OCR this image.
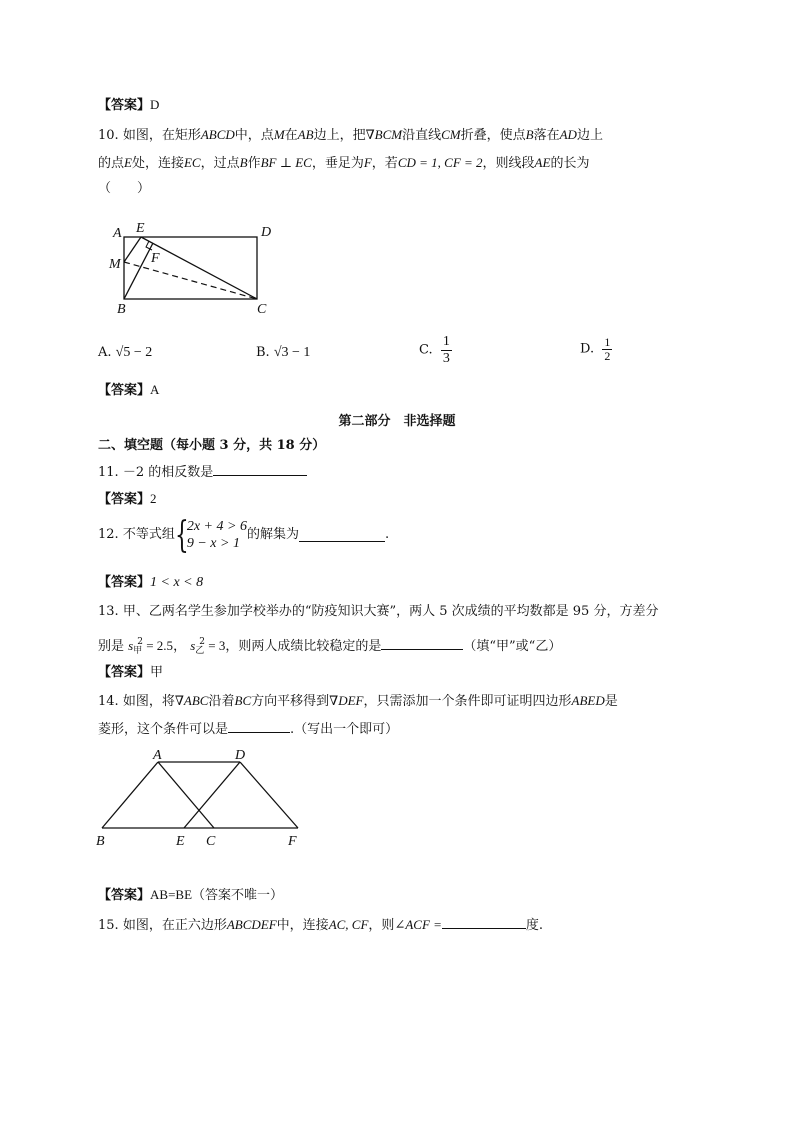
【答案】D
10. 如图，在矩形ABCD中，点M在AB边上，把∇BCM沿直线CM折叠，使点B落在AD边上
的点E处，连接EC，过点B作BF ⊥ EC，垂足为F，若CD = 1, CF = 2，则线段AE的长为
（　　）
A E	D
M F
B	C
A. √5 − 2	B. √3 − 1	C. $\frac{1}{3}$	D. $\frac{1}{2}$
【答案】A
第二部分　非选择题
二、填空题（每小题 3 分，共 18 分）
11. －2 的相反数是
【答案】2
12. 不等式组 {
2x + 4 > 6
9 − x > 1
的解集为	.
【答案】1 < x < 8
13. 甲、乙两名学生参加学校举办的“防疫知识大赛”，两人 5 次成绩的平均数都是 95 分，方差分
别是 $s_甲^2 = 2.5$， $s_乙^2 = 3$，则两人成绩比较稳定的是	（填“甲”或“乙）
【答案】甲
14. 如图，将∇ABC沿着BC方向平移得到∇DEF，只需添加一个条件即可证明四边形ABED是
菱形，这个条件可以是	.（写出一个即可）
A	D
B	E C	F
【答案】AB=BE（答案不唯一）
15. 如图，在正六边形ABCDEF中，连接AC, CF，则∠ACF =	度.
